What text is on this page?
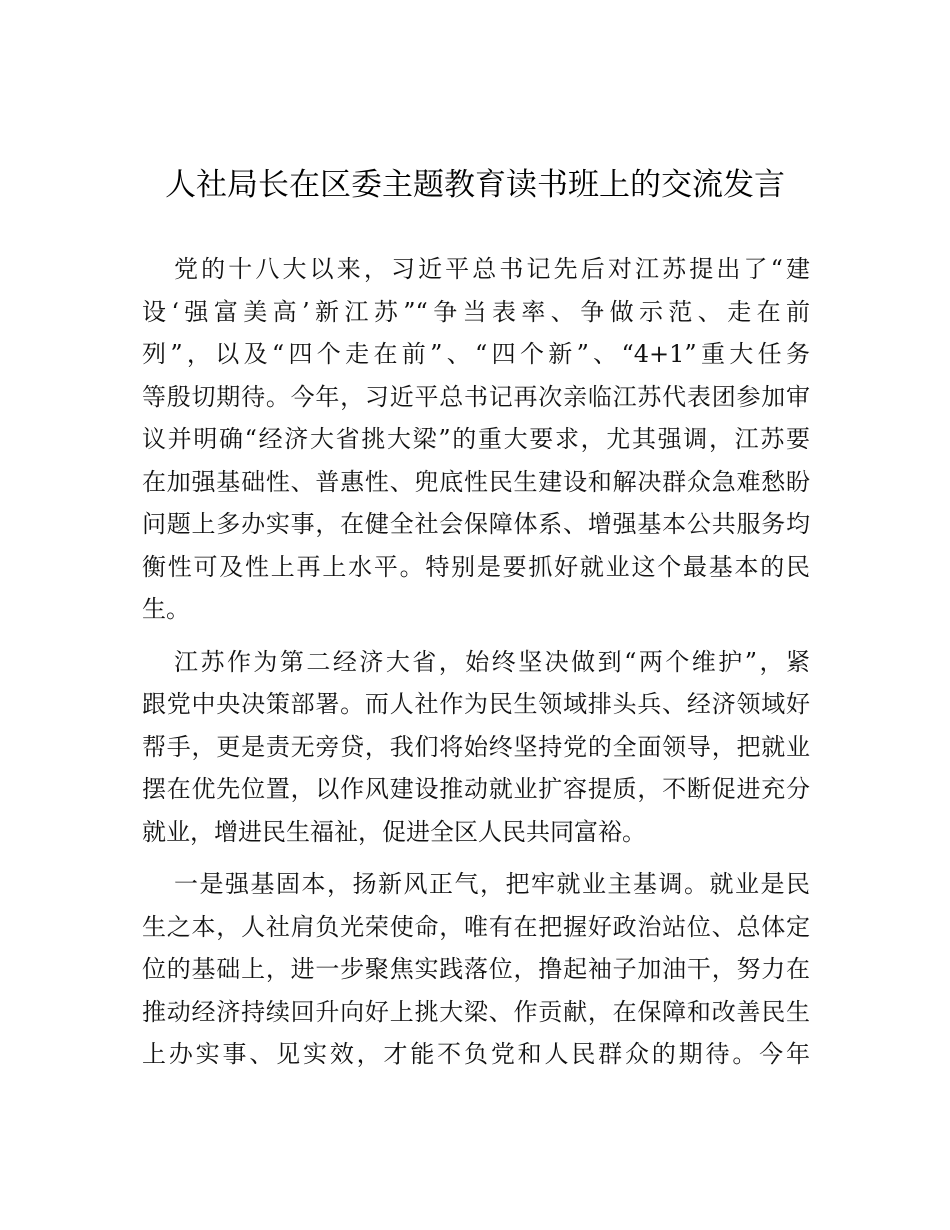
人社局长在区委主题教育读书班上的交流发言
党的十八大以来，习近平总书记先后对江苏提出了“建
设‘强富美高’新江苏”“争当表率、争做示范、走在前
列”，以及“四个走在前”、“四个新”、“4+1”重大任务
等殷切期待。今年，习近平总书记再次亲临江苏代表团参加审
议并明确“经济大省挑大梁”的重大要求，尤其强调，江苏要
在加强基础性、普惠性、兜底性民生建设和解决群众急难愁盼
问题上多办实事，在健全社会保障体系、增强基本公共服务均
衡性可及性上再上水平。特别是要抓好就业这个最基本的民
生。
江苏作为第二经济大省，始终坚决做到“两个维护”，紧
跟党中央决策部署。而人社作为民生领域排头兵、经济领域好
帮手，更是责无旁贷，我们将始终坚持党的全面领导，把就业
摆在优先位置，以作风建设推动就业扩容提质，不断促进充分
就业，增进民生福祉，促进全区人民共同富裕。
一是强基固本，扬新风正气，把牢就业主基调。就业是民
生之本，人社肩负光荣使命，唯有在把握好政治站位、总体定
位的基础上，进一步聚焦实践落位，撸起袖子加油干，努力在
推动经济持续回升向好上挑大梁、作贡献，在保障和改善民生
上办实事、见实效，才能不负党和人民群众的期待。今年
